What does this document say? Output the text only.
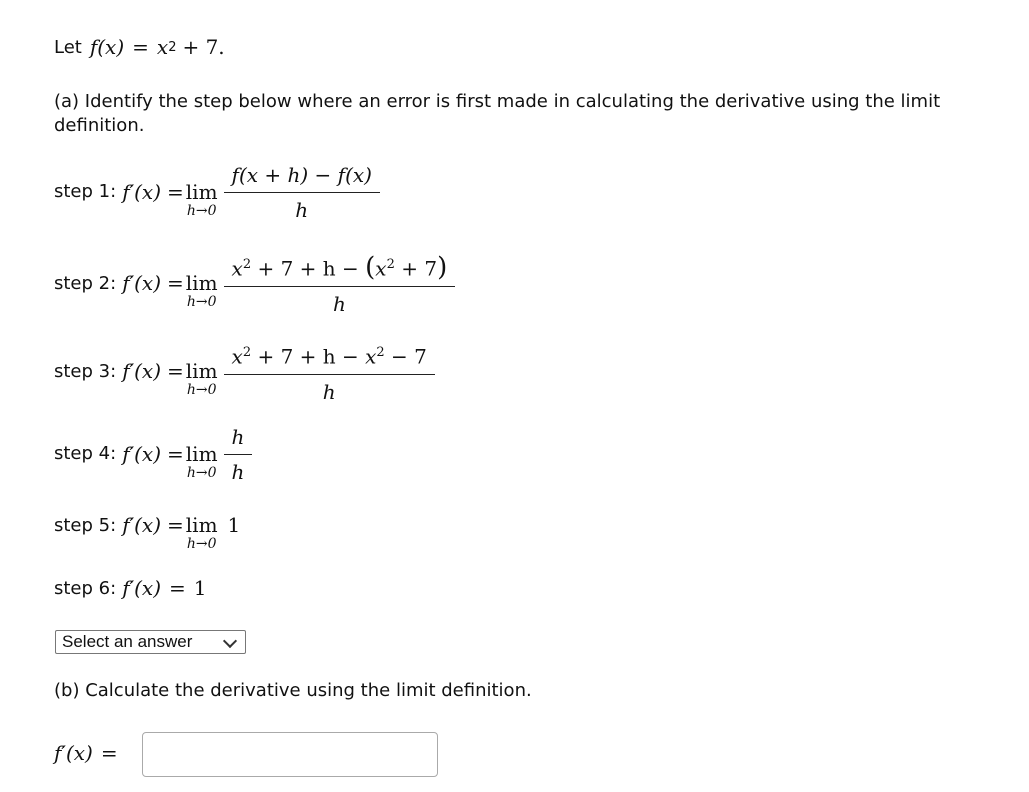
Let f(x) = x 2 + 7.
(a) Identify the step below where an error is first made in calculating the derivative using the limit definition.
step 1: f′(x) = lim
$h\to 0 \frac{f(x + h) - f(x)}{h}$
step 2: f′(x) = lim
$h\to 0 \frac{x^2 + 7 + h - (x^2 + 7)}{h}$
step 3: f′(x) = lim
$h\to 0 \frac{x^2 + 7 + h - x^2 - 7}{h}$
step 4: f′(x) = lim
$h\to 0 \frac{h}{h}$
step 5: f′(x) = lim
h→0
1
step 6: f′(x) = 1
Select an answer
(b) Calculate the derivative using the limit definition.
f′(x) =
